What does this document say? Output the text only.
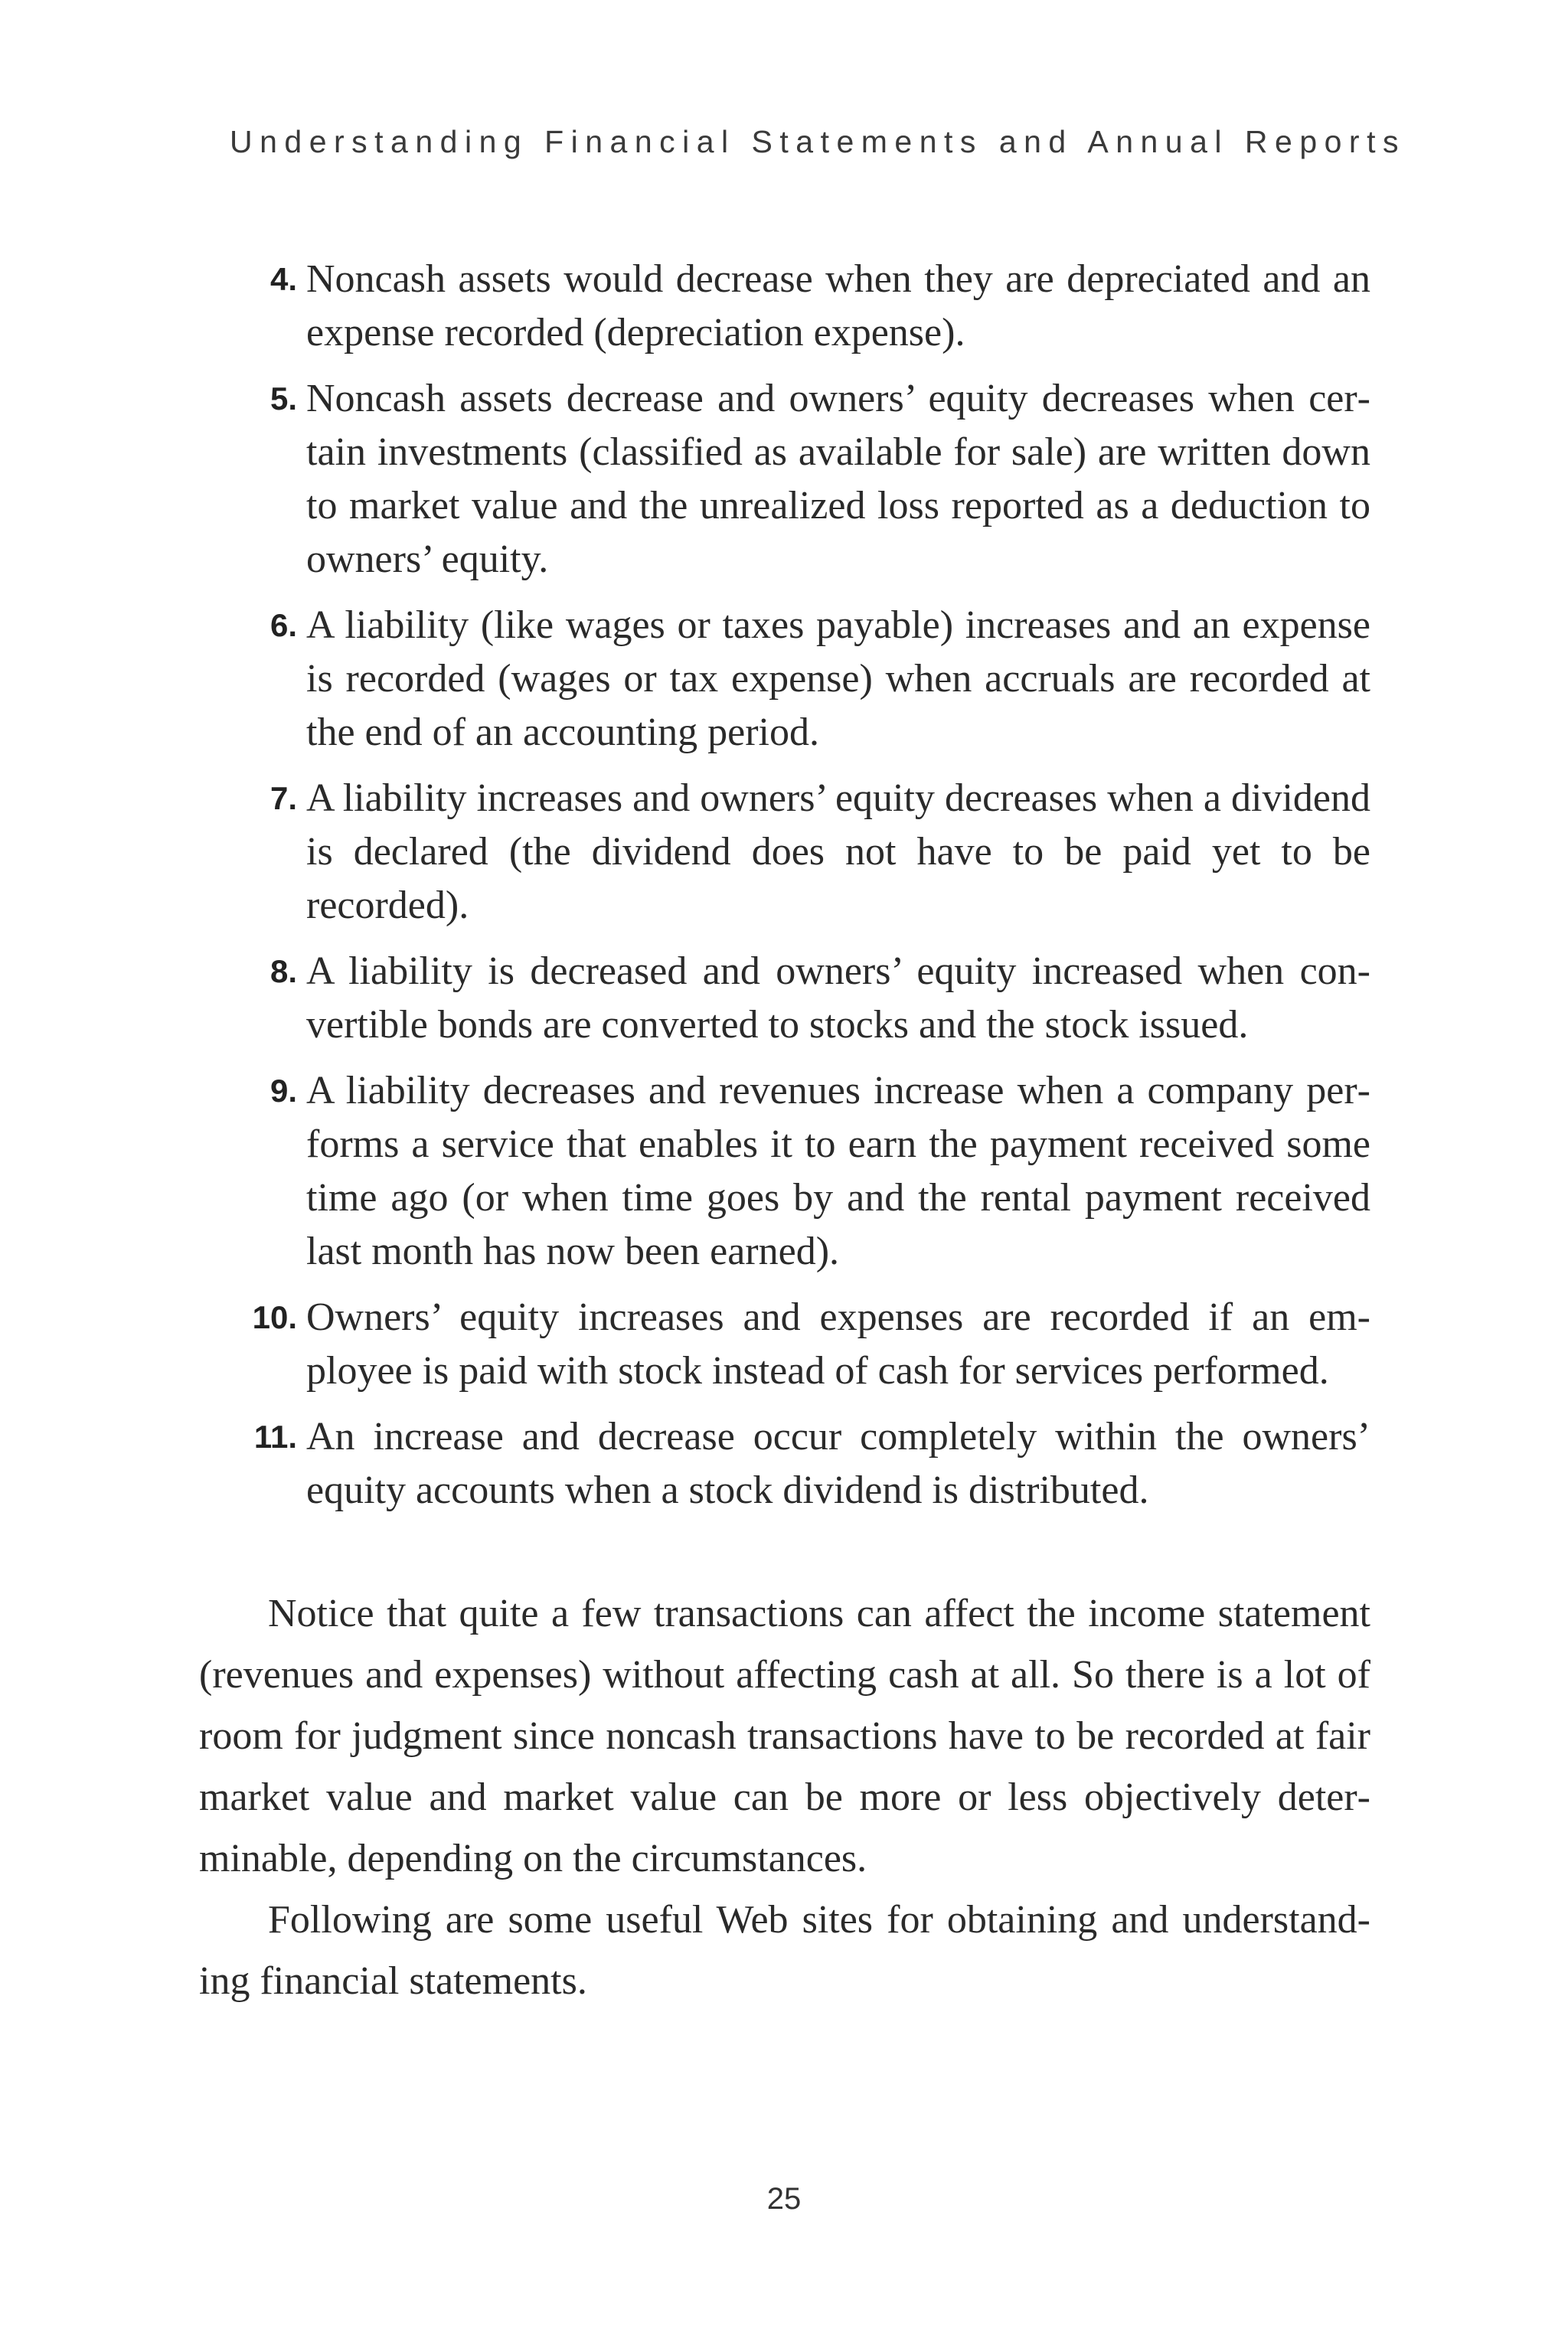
Understanding Financial Statements and Annual Reports
4. Noncash assets would decrease when they are depreciated and an expense recorded (depreciation expense).
5. Noncash assets decrease and owners’ equity decreases when certain investments (classified as available for sale) are written down to market value and the unrealized loss reported as a deduction to owners’ equity.
6. A liability (like wages or taxes payable) increases and an expense is recorded (wages or tax expense) when accruals are recorded at the end of an accounting period.
7. A liability increases and owners’ equity decreases when a dividend is declared (the dividend does not have to be paid yet to be recorded).
8. A liability is decreased and owners’ equity increased when convertible bonds are converted to stocks and the stock issued.
9. A liability decreases and revenues increase when a company performs a service that enables it to earn the payment received some time ago (or when time goes by and the rental payment received last month has now been earned).
10. Owners’ equity increases and expenses are recorded if an employee is paid with stock instead of cash for services performed.
11. An increase and decrease occur completely within the owners’ equity accounts when a stock dividend is distributed.

Notice that quite a few transactions can affect the income statement (revenues and expenses) without affecting cash at all. So there is a lot of room for judgment since noncash transactions have to be recorded at fair market value and market value can be more or less objectively determinable, depending on the circumstances.

Following are some useful Web sites for obtaining and understanding financial statements.

25
